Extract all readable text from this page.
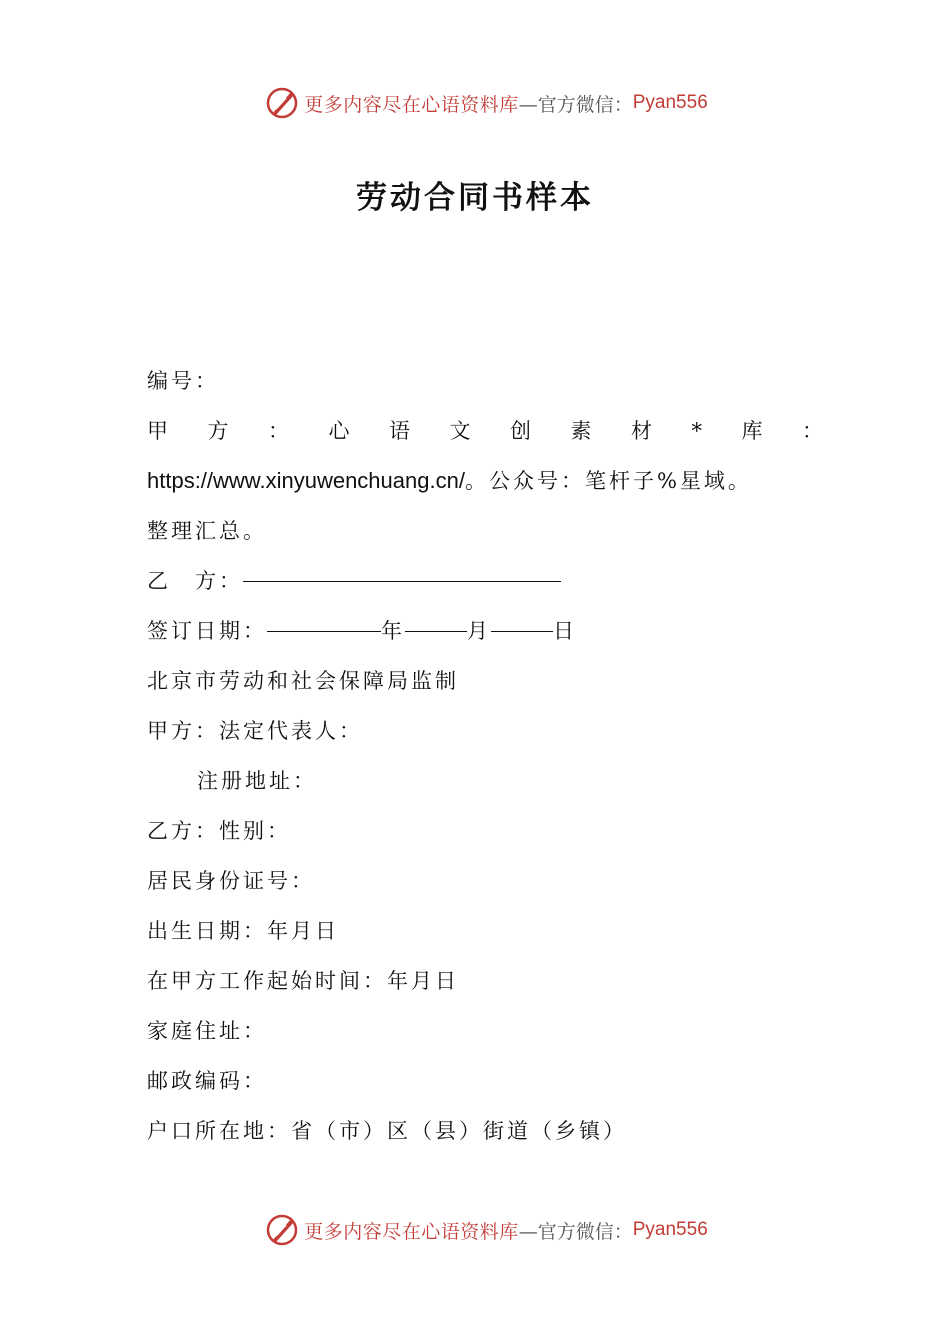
更多内容尽在心语资料库 —官方微信： Pyan556
劳动合同书样本
编号：
甲 方 ： 心 语 文 创 素 材 * 库 ：
https://www.xinyuwenchuang.cn/。公众号：笔杆子%星域。
整理汇总。
乙　方：
签订日期：	年	月	日
北京市劳动和社会保障局监制
甲方：法定代表人：
注册地址：
乙方：性别：
居民身份证号：
出生日期：年月日
在甲方工作起始时间：年月日
家庭住址：
邮政编码：
户口所在地：省（市）区（县）街道（乡镇）
更多内容尽在心语资料库 —官方微信： Pyan556
